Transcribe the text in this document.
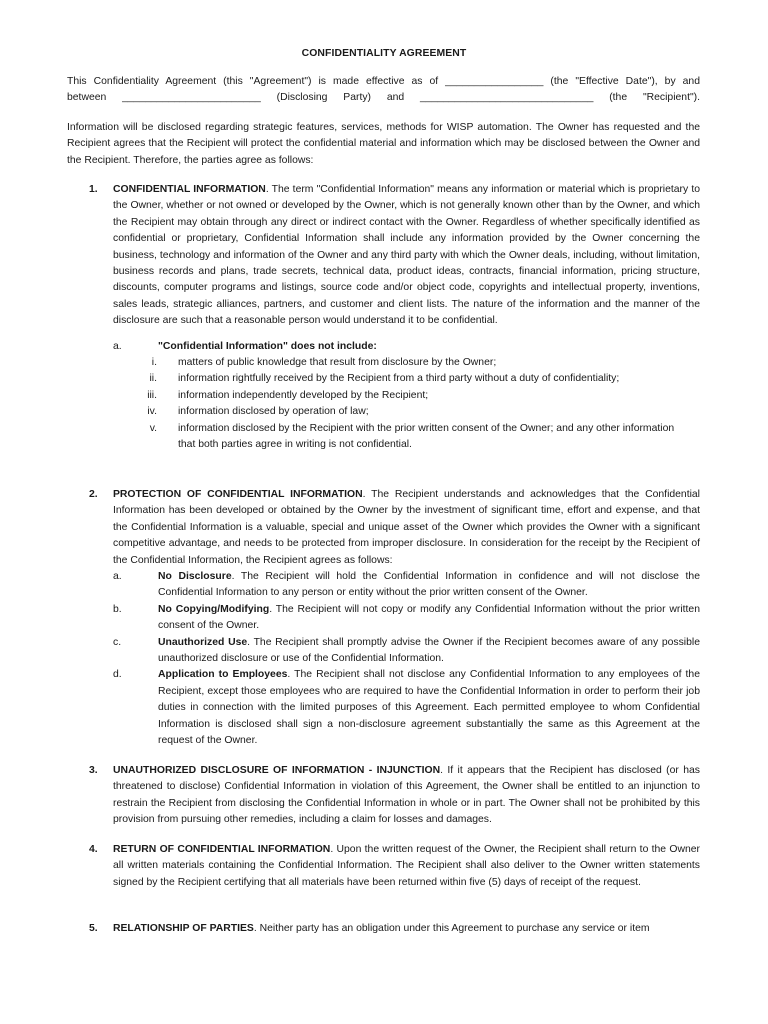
CONFIDENTIALITY AGREEMENT
This Confidentiality Agreement (this "Agreement") is made effective as of _________________ (the "Effective Date"), by and
between ________________________ (Disclosing Party) and ______________________________ (the "Recipient").
Information will be disclosed regarding strategic features, services, methods for WISP automation. The Owner has requested and the Recipient agrees that the Recipient will protect the confidential material and information which may be disclosed between the Owner and the Recipient. Therefore, the parties agree as follows:
1. CONFIDENTIAL INFORMATION. The term "Confidential Information" means any information or material which is proprietary to the Owner, whether or not owned or developed by the Owner, which is not generally known other than by the Owner, and which the Recipient may obtain through any direct or indirect contact with the Owner. Regardless of whether specifically identified as confidential or proprietary, Confidential Information shall include any information provided by the Owner concerning the business, technology and information of the Owner and any third party with which the Owner deals, including, without limitation, business records and plans, trade secrets, technical data, product ideas, contracts, financial information, pricing structure, discounts, computer programs and listings, source code and/or object code, copyrights and intellectual property, inventions, sales leads, strategic alliances, partners, and customer and client lists. The nature of the information and the manner of the disclosure are such that a reasonable person would understand it to be confidential.
a.	"Confidential Information" does not include:
i. matters of public knowledge that result from disclosure by the Owner;
ii. information rightfully received by the Recipient from a third party without a duty of confidentiality;
iii. information independently developed by the Recipient;
iv. information disclosed by operation of law;
v. information disclosed by the Recipient with the prior written consent of the Owner; and any other information that both parties agree in writing is not confidential.
2. PROTECTION OF CONFIDENTIAL INFORMATION. The Recipient understands and acknowledges that the Confidential Information has been developed or obtained by the Owner by the investment of significant time, effort and expense, and that the Confidential Information is a valuable, special and unique asset of the Owner which provides the Owner with a significant competitive advantage, and needs to be protected from improper disclosure. In consideration for the receipt by the Recipient of the Confidential Information, the Recipient agrees as follows:
a.	No Disclosure. The Recipient will hold the Confidential Information in confidence and will not disclose the Confidential Information to any person or entity without the prior written consent of the Owner.
b.	No Copying/Modifying. The Recipient will not copy or modify any Confidential Information without the prior written consent of the Owner.
c.	Unauthorized Use. The Recipient shall promptly advise the Owner if the Recipient becomes aware of any possible unauthorized disclosure or use of the Confidential Information.
d.	Application to Employees. The Recipient shall not disclose any Confidential Information to any employees of the Recipient, except those employees who are required to have the Confidential Information in order to perform their job duties in connection with the limited purposes of this Agreement. Each permitted employee to whom Confidential Information is disclosed shall sign a non-disclosure agreement substantially the same as this Agreement at the request of the Owner.
3. UNAUTHORIZED DISCLOSURE OF INFORMATION - INJUNCTION. If it appears that the Recipient has disclosed (or has threatened to disclose) Confidential Information in violation of this Agreement, the Owner shall be entitled to an injunction to restrain the Recipient from disclosing the Confidential Information in whole or in part. The Owner shall not be prohibited by this provision from pursuing other remedies, including a claim for losses and damages.
4. RETURN OF CONFIDENTIAL INFORMATION. Upon the written request of the Owner, the Recipient shall return to the Owner all written materials containing the Confidential Information. The Recipient shall also deliver to the Owner written statements signed by the Recipient certifying that all materials have been returned within five (5) days of receipt of the request.
5. RELATIONSHIP OF PARTIES. Neither party has an obligation under this Agreement to purchase any service or item
